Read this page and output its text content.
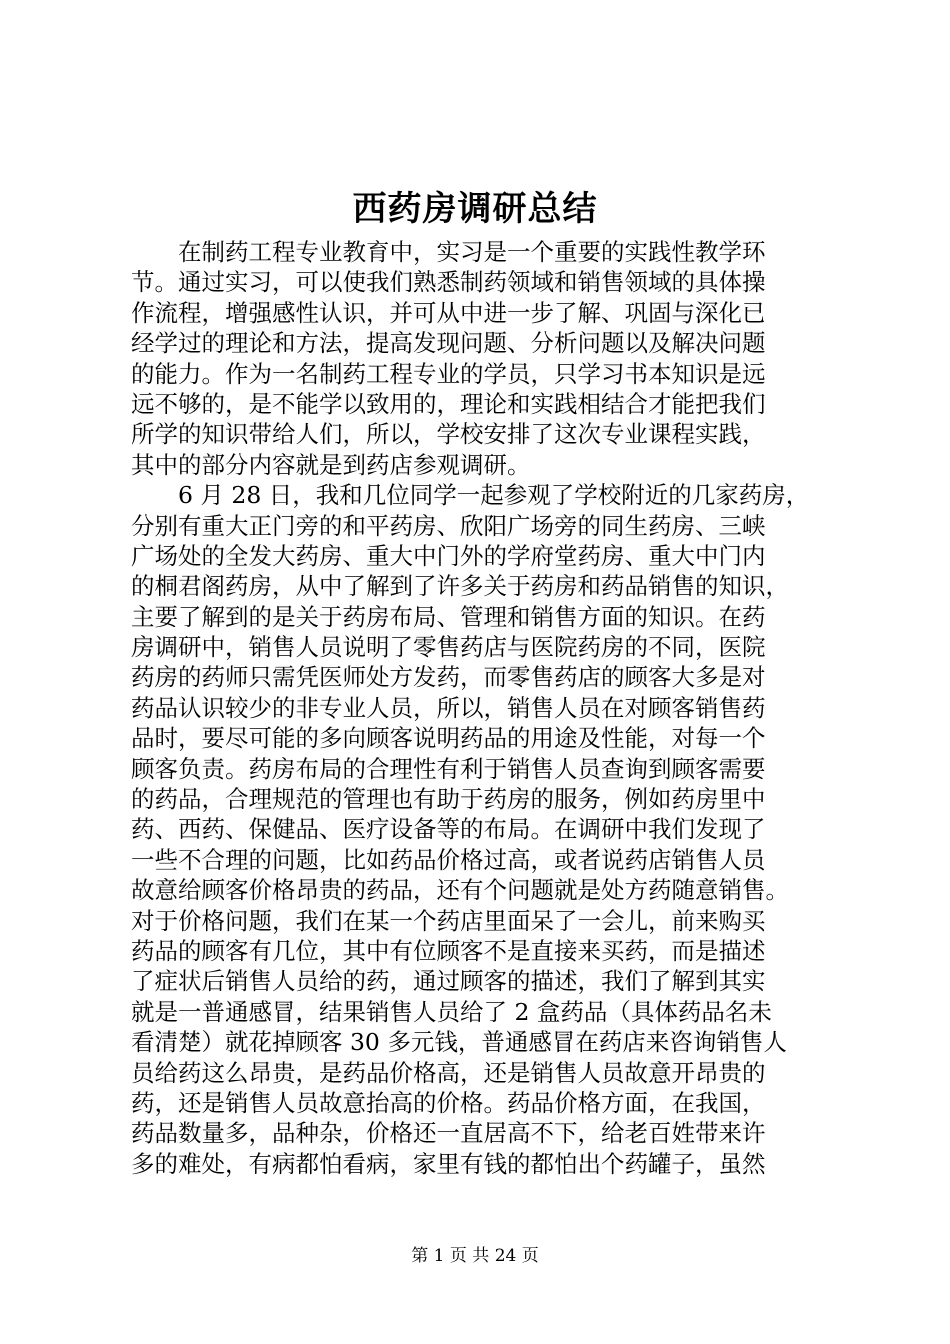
西药房调研总结
　　在制药工程专业教育中，实习是一个重要的实践性教学环
节。通过实习，可以使我们熟悉制药领域和销售领域的具体操
作流程，增强感性认识，并可从中进一步了解、巩固与深化已
经学过的理论和方法，提高发现问题、分析问题以及解决问题
的能力。作为一名制药工程专业的学员，只学习书本知识是远
远不够的，是不能学以致用的，理论和实践相结合才能把我们
所学的知识带给人们，所以，学校安排了这次专业课程实践，
其中的部分内容就是到药店参观调研。
　　6 月 28 日，我和几位同学一起参观了学校附近的几家药房，
分别有重大正门旁的和平药房、欣阳广场旁的同生药房、三峡
广场处的全发大药房、重大中门外的学府堂药房、重大中门内
的桐君阁药房，从中了解到了许多关于药房和药品销售的知识，
主要了解到的是关于药房布局、管理和销售方面的知识。在药
房调研中，销售人员说明了零售药店与医院药房的不同，医院
药房的药师只需凭医师处方发药，而零售药店的顾客大多是对
药品认识较少的非专业人员，所以，销售人员在对顾客销售药
品时，要尽可能的多向顾客说明药品的用途及性能，对每一个
顾客负责。药房布局的合理性有利于销售人员查询到顾客需要
的药品，合理规范的管理也有助于药房的服务，例如药房里中
药、西药、保健品、医疗设备等的布局。在调研中我们发现了
一些不合理的问题，比如药品价格过高，或者说药店销售人员
故意给顾客价格昂贵的药品，还有个问题就是处方药随意销售。
对于价格问题，我们在某一个药店里面呆了一会儿，前来购买
药品的顾客有几位，其中有位顾客不是直接来买药，而是描述
了症状后销售人员给的药，通过顾客的描述，我们了解到其实
就是一普通感冒，结果销售人员给了 2 盒药品（具体药品名未
看清楚）就花掉顾客 30 多元钱，普通感冒在药店来咨询销售人
员给药这么昂贵，是药品价格高，还是销售人员故意开昂贵的
药，还是销售人员故意抬高的价格。药品价格方面，在我国，
药品数量多，品种杂，价格还一直居高不下，给老百姓带来许
多的难处，有病都怕看病，家里有钱的都怕出个药罐子，虽然
第 1 页 共 24 页
